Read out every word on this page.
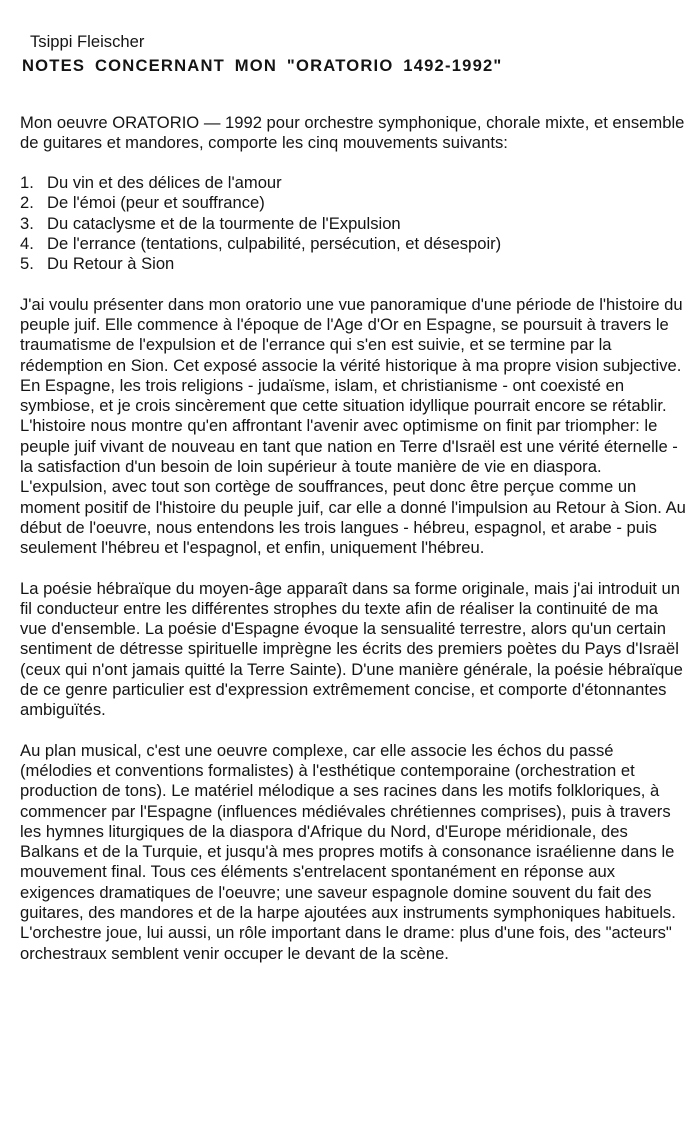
Tsippi Fleischer
NOTES CONCERNANT MON "ORATORIO 1492-1992"

Mon oeuvre ORATORIO — 1992 pour orchestre symphonique, chorale mixte, et ensemble de guitares et mandores, comporte les cinq mouvements suivants:

1. Du vin et des délices de l'amour
2. De l'émoi (peur et souffrance)
3. Du cataclysme et de la tourmente de l'Expulsion
4. De l'errance (tentations, culpabilité, persécution, et désespoir)
5. Du Retour à Sion

J'ai voulu présenter dans mon oratorio une vue panoramique d'une période de l'histoire du peuple juif. Elle commence à l'époque de l'Age d'Or en Espagne, se poursuit à travers le traumatisme de l'expulsion et de l'errance qui s'en est suivie, et se termine par la rédemption en Sion. Cet exposé associe la vérité historique à ma propre vision subjective. En Espagne, les trois religions - judaïsme, islam, et christianisme - ont coexisté en symbiose, et je crois sincèrement que cette situation idyllique pourrait encore se rétablir. L'histoire nous montre qu'en affrontant l'avenir avec optimisme on finit par triompher: le peuple juif vivant de nouveau en tant que nation en Terre d'Israël est une vérité éternelle - la satisfaction d'un besoin de loin supérieur à toute manière de vie en diaspora. L'expulsion, avec tout son cortège de souffrances, peut donc être perçue comme un moment positif de l'histoire du peuple juif, car elle a donné l'impulsion au Retour à Sion. Au début de l'oeuvre, nous entendons les trois langues - hébreu, espagnol, et arabe - puis seulement l'hébreu et l'espagnol, et enfin, uniquement l'hébreu.

La poésie hébraïque du moyen-âge apparaît dans sa forme originale, mais j'ai introduit un fil conducteur entre les différentes strophes du texte afin de réaliser la continuité de ma vue d'ensemble. La poésie d'Espagne évoque la sensualité terrestre, alors qu'un certain sentiment de détresse spirituelle imprègne les écrits des premiers poètes du Pays d'Israël (ceux qui n'ont jamais quitté la Terre Sainte). D'une manière générale, la poésie hébraïque de ce genre particulier est d'expression extrêmement concise, et comporte d'étonnantes ambiguïtés.

Au plan musical, c'est une oeuvre complexe, car elle associe les échos du passé (mélodies et conventions formalistes) à l'esthétique contemporaine (orchestration et production de tons). Le matériel mélodique a ses racines dans les motifs folkloriques, à commencer par l'Espagne (influences médiévales chrétiennes comprises), puis à travers les hymnes liturgiques de la diaspora d'Afrique du Nord, d'Europe méridionale, des Balkans et de la Turquie, et jusqu'à mes propres motifs à consonance israélienne dans le mouvement final. Tous ces éléments s'entrelacent spontanément en réponse aux exigences dramatiques de l'oeuvre; une saveur espagnole domine souvent du fait des guitares, des mandores et de la harpe ajoutées aux instruments symphoniques habituels. L'orchestre joue, lui aussi, un rôle important dans le drame: plus d'une fois, des "acteurs" orchestraux semblent venir occuper le devant de la scène.
